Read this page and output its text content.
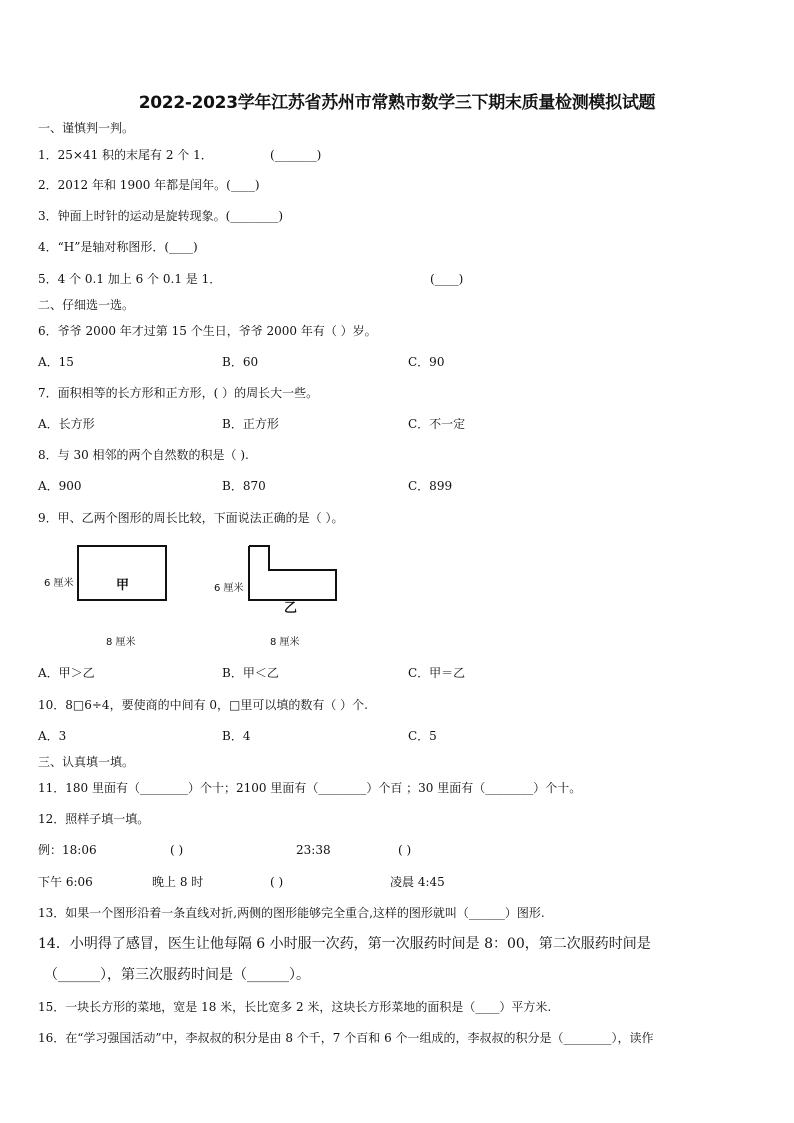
2022-2023学年江苏省苏州市常熟市数学三下期末质量检测模拟试题
一、谨慎判一判。
1．25×41 积的末尾有 2 个 1．	(_______)
2．2012 年和 1900 年都是闰年。(____)
3．钟面上时针的运动是旋转现象。(________)
4．“H”是轴对称图形．(____)
5．4 个 0.1 加上 6 个 0.1 是 1．	(____)
二、仔细选一选。
6．爷爷 2000 年才过第 15 个生日，爷爷 2000 年有（ ）岁。
A．15	B．60	C．90
7．面积相等的长方形和正方形，( ）的周长大一些。
A．长方形	B．正方形	C．不一定
8．与 30 相邻的两个自然数的积是（ ).
A．900	B．870	C．899
9．甲、乙两个图形的周长比较，下面说法正确的是（ ）。
甲
乙
6 厘米	6 厘米
8 厘米	8 厘米
A．甲＞乙	B．甲＜乙	C．甲＝乙
10．8□6÷4，要使商的中间有 0，□里可以填的数有（ ）个.
A．3	B．4	C．5
三、认真填一填。
11．180 里面有（________）个十；2100 里面有（________）个百 ；30 里面有（________）个十。
12．照样子填一填。
例：18:06	( )	23:38	( )
下午 6:06	晚上 8 时	( )	凌晨 4:45
13．如果一个图形沿着一条直线对折,两侧的图形能够完全重合,这样的图形就叫（______）图形.
14．小明得了感冒，医生让他每隔 6 小时服一次药，第一次服药时间是 8：00，第二次服药时间是
（______），第三次服药时间是（______）。
15．一块长方形的菜地，宽是 18 米，长比宽多 2 米，这块长方形菜地的面积是（____）平方米.
16．在“学习强国活动”中，李叔叔的积分是由 8 个千，7 个百和 6 个一组成的，李叔叔的积分是（________），读作
